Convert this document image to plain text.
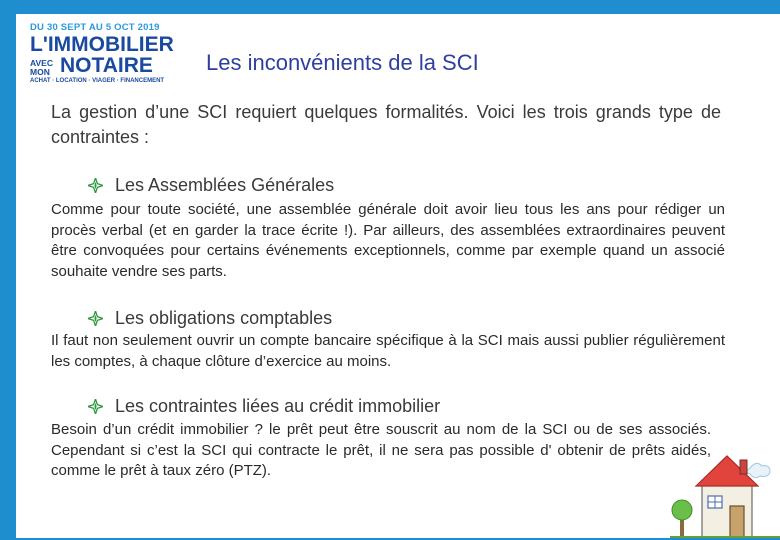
DU 30 SEPT AU 5 OCT 2019
L'IMMOBILIER
AVEC
MON NOTAIRE
ACHAT · LOCATION · VIAGER · FINANCEMENT
Les inconvénients de la SCI
La gestion d’une SCI requiert quelques formalités. Voici les trois grands type de contraintes :
Les Assemblées Générales
Comme pour toute société, une assemblée générale doit avoir lieu tous les ans pour rédiger un procès verbal (et en garder la trace écrite !). Par ailleurs, des assemblées extraordinaires peuvent être convoquées pour certains événements exceptionnels, comme par exemple quand un associé souhaite vendre ses parts.
Les obligations comptables
Il faut non seulement ouvrir un compte bancaire spécifique à la SCI mais aussi publier régulièrement les comptes, à chaque clôture d’exercice au moins.
Les contraintes liées au crédit immobilier
Besoin d’un crédit immobilier ? le prêt peut être souscrit au nom de la SCI ou de ses associés. Cependant si c’est la SCI qui contracte le prêt, il ne sera pas possible d' obtenir de prêts aidés, comme le prêt à taux zéro (PTZ).
